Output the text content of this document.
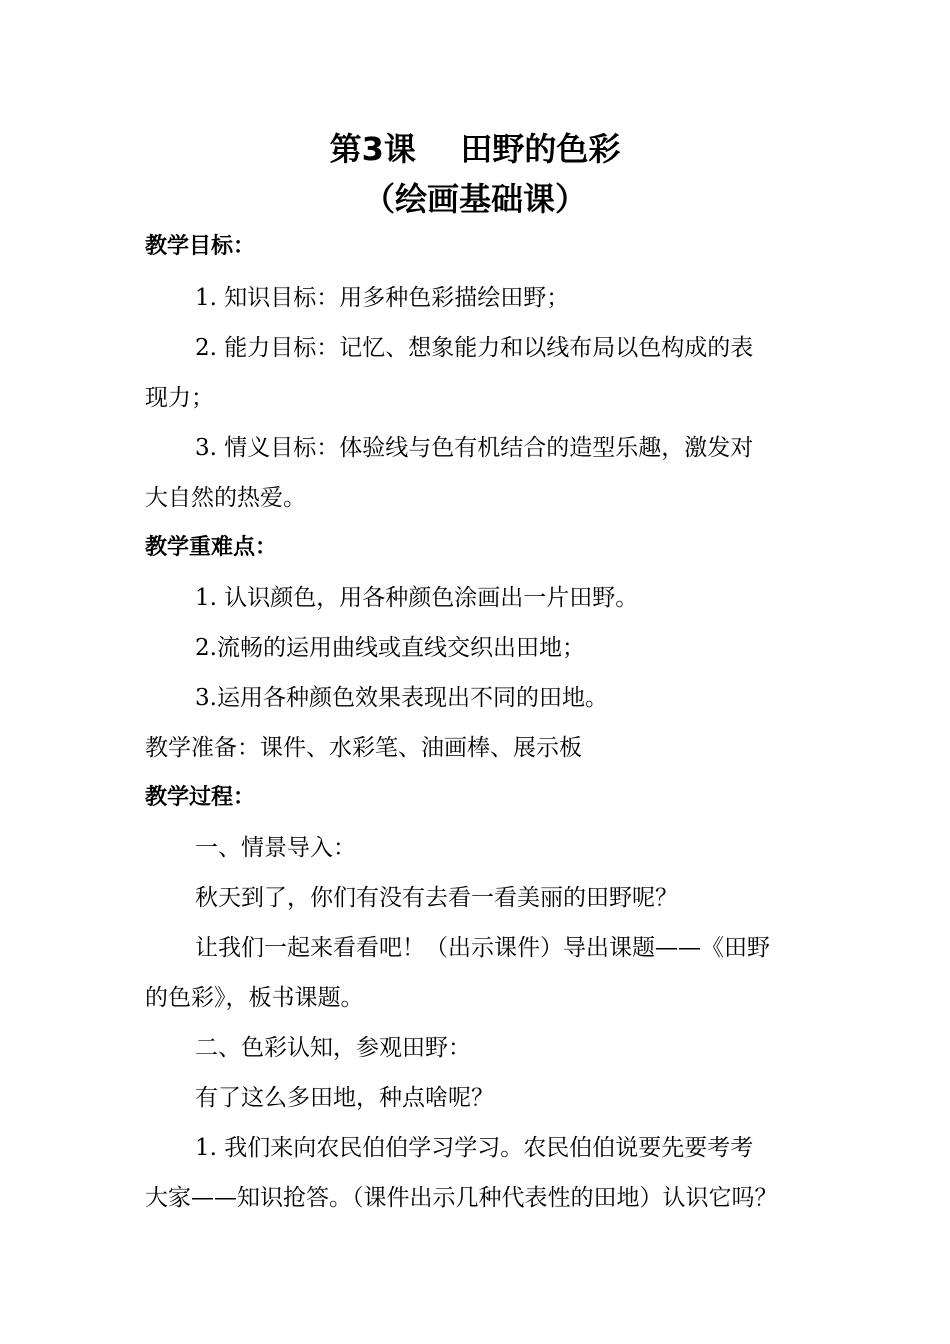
第3课    田野的色彩
（绘画基础课）
教学目标：
1. 知识目标：用多种色彩描绘田野；
2. 能力目标：记忆、想象能力和以线布局以色构成的表
现力；
3. 情义目标：体验线与色有机结合的造型乐趣，激发对
大自然的热爱。
教学重难点：
1. 认识颜色，用各种颜色涂画出一片田野。
2.流畅的运用曲线或直线交织出田地；
3.运用各种颜色效果表现出不同的田地。
教学准备：课件、水彩笔、油画棒、展示板
教学过程：
一、情景导入：
秋天到了，你们有没有去看一看美丽的田野呢？
让我们一起来看看吧！（出示课件）导出课题——《田野
的色彩》，板书课题。
二、色彩认知，参观田野：
有了这么多田地，种点啥呢？
1. 我们来向农民伯伯学习学习。农民伯伯说要先要考考
大家——知识抢答。（课件出示几种代表性的田地）认识它吗？
